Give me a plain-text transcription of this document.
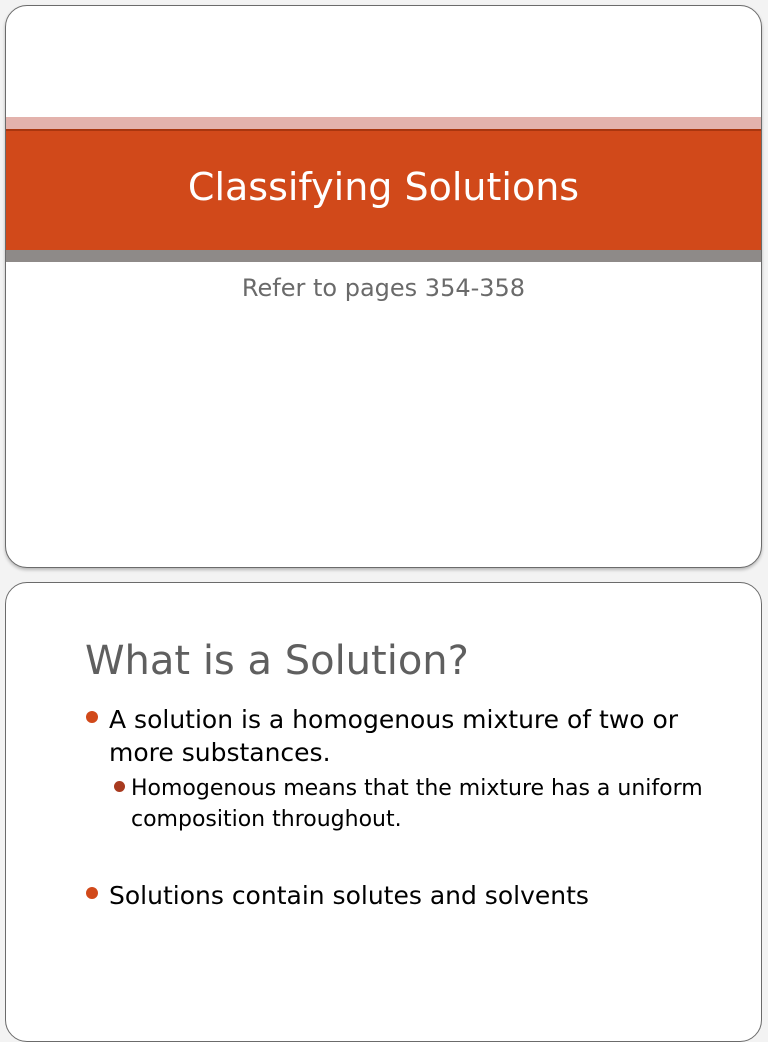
Classifying Solutions
Refer to pages 354-358
What is a Solution?
A solution is a homogenous mixture of two or more substances.
Homogenous means that the mixture has a uniform composition throughout.
Solutions contain solutes and solvents
